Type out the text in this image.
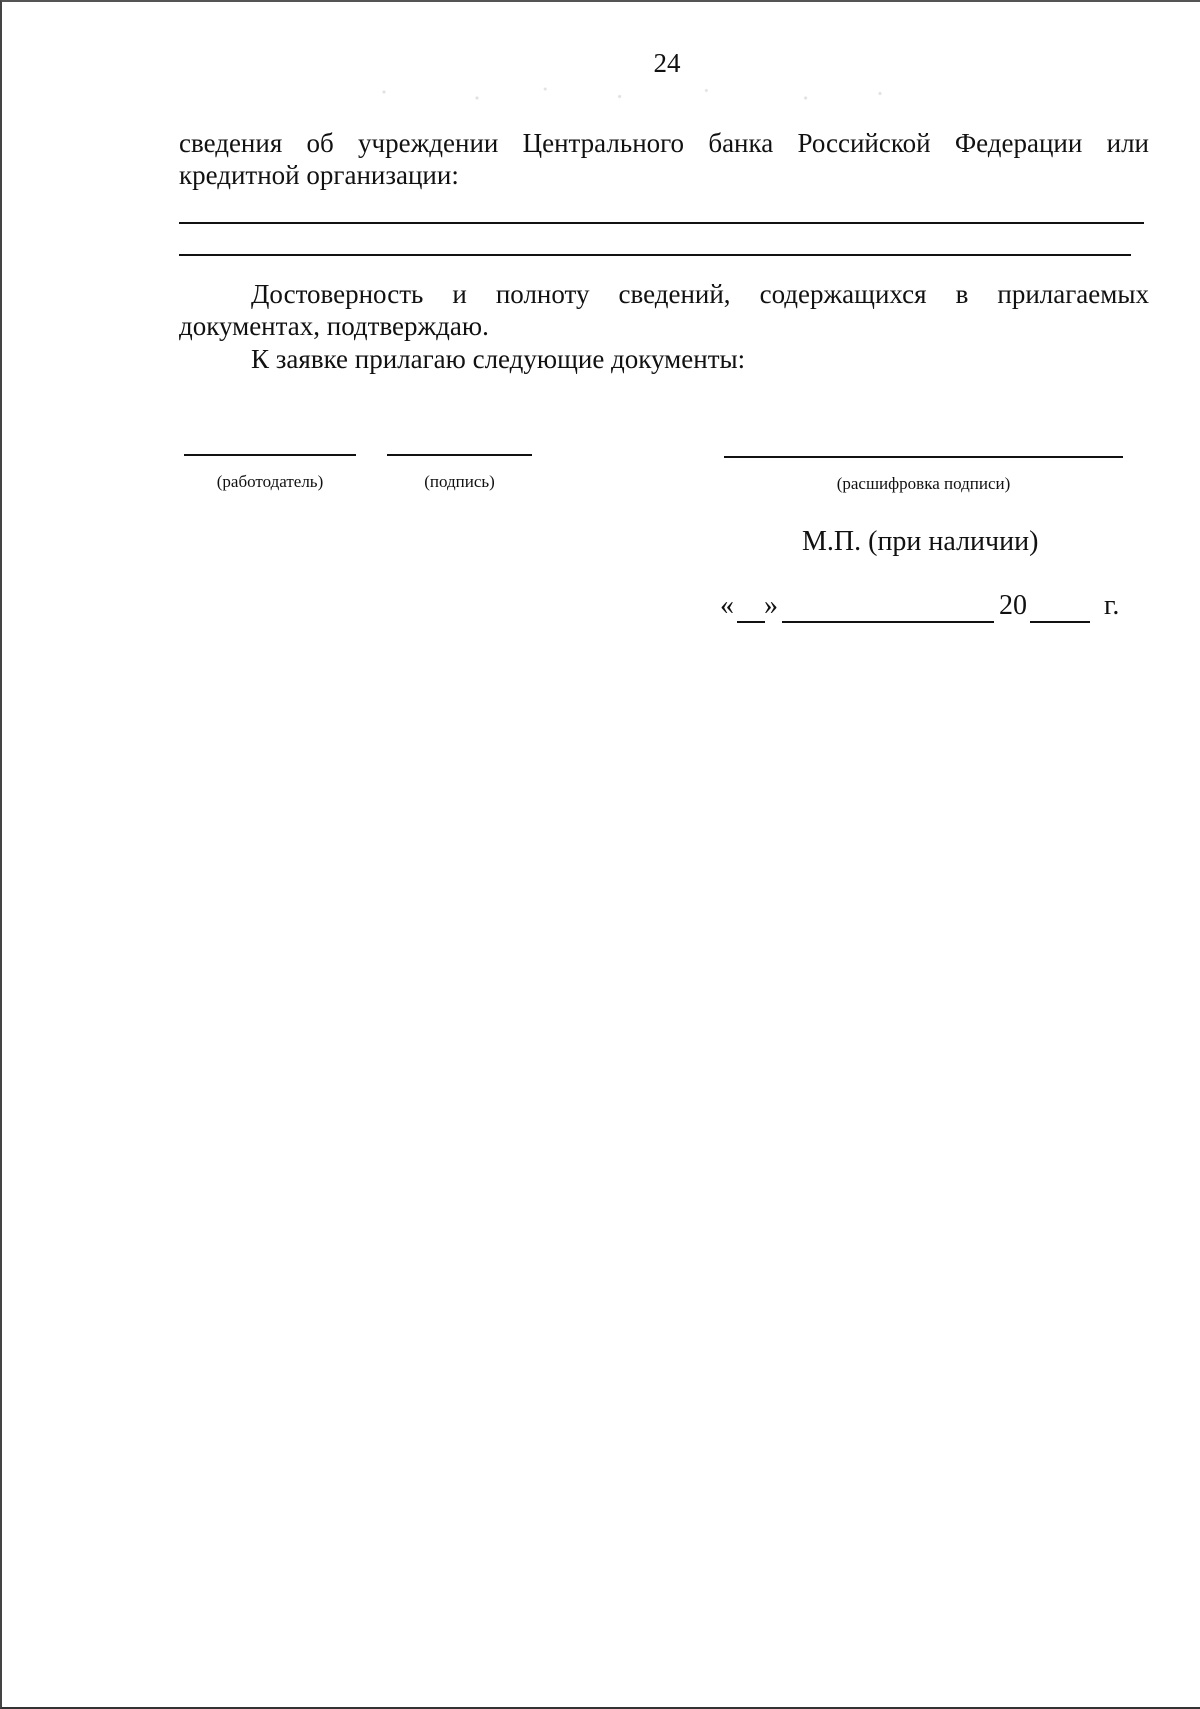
24
сведения об учреждении Центрального банка Российской Федерации или кредитной организации:
Достоверность и полноту сведений, содержащихся в прилагаемых документах, подтверждаю.
К заявке прилагаю следующие документы:
(работодатель)	(подпись)	(расшифровка подписи)
М.П. (при наличии)
« »	20	г.
